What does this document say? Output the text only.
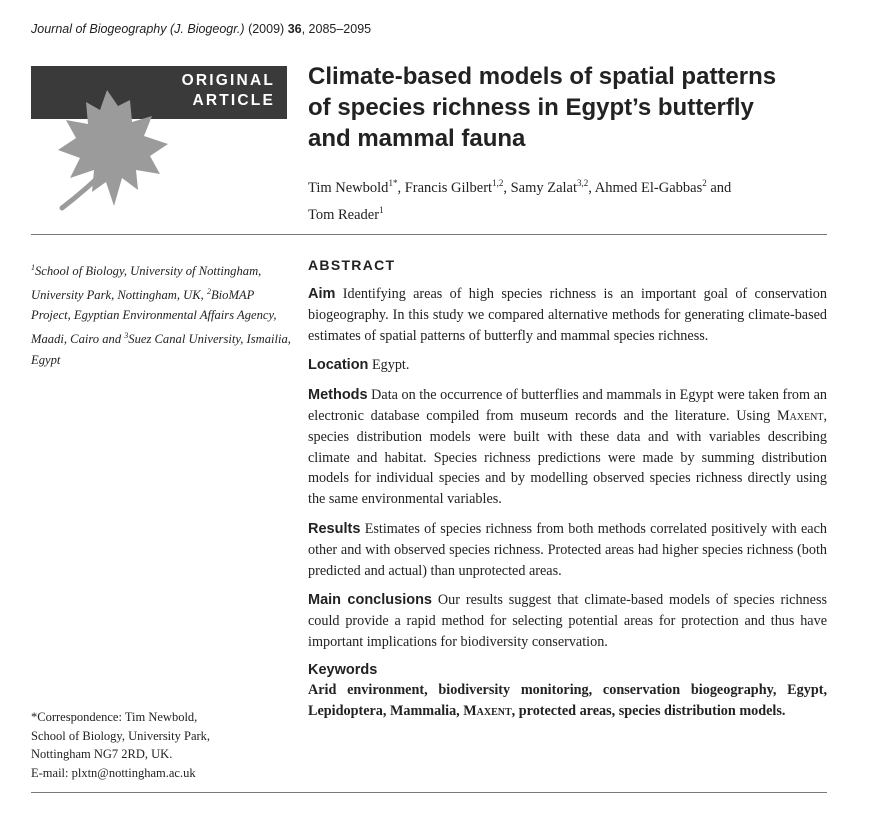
Journal of Biogeography (J. Biogeogr.) (2009) 36, 2085–2095
ORIGINAL
ARTICLE
Climate-based models of spatial patterns
of species richness in Egypt’s butterfly
and mammal fauna
Tim Newbold$^{1*}$, Francis Gilbert$^{1,2}$, Samy Zalat$^{3,2}$, Ahmed El-Gabbas$^2$ and
Tom Reader$^1$
$^1$School of Biology, University of Nottingham, University Park, Nottingham, UK, $^2$BioMAP Project, Egyptian Environmental Affairs Agency, Maadi, Cairo and $^3$Suez Canal University, Ismailia, Egypt
*Correspondence: Tim Newbold,
School of Biology, University Park,
Nottingham NG7 2RD, UK.
E-mail: plxtn@nottingham.ac.uk
ABSTRACT

Aim Identifying areas of high species richness is an important goal of conservation biogeography. In this study we compared alternative methods for generating climate-based estimates of spatial patterns of butterfly and mammal species richness.

Location Egypt.

Methods Data on the occurrence of butterflies and mammals in Egypt were taken from an electronic database compiled from museum records and the literature. Using Maxent, species distribution models were built with these data and with variables describing climate and habitat. Species richness predictions were made by summing distribution models for individual species and by modelling observed species richness directly using the same environmental variables.

Results Estimates of species richness from both methods correlated positively with each other and with observed species richness. Protected areas had higher species richness (both predicted and actual) than unprotected areas.

Main conclusions Our results suggest that climate-based models of species richness could provide a rapid method for selecting potential areas for protection and thus have important implications for biodiversity conservation.

Keywords

Arid environment, biodiversity monitoring, conservation biogeography, Egypt, Lepidoptera, Mammalia, Maxent, protected areas, species distribution models.
